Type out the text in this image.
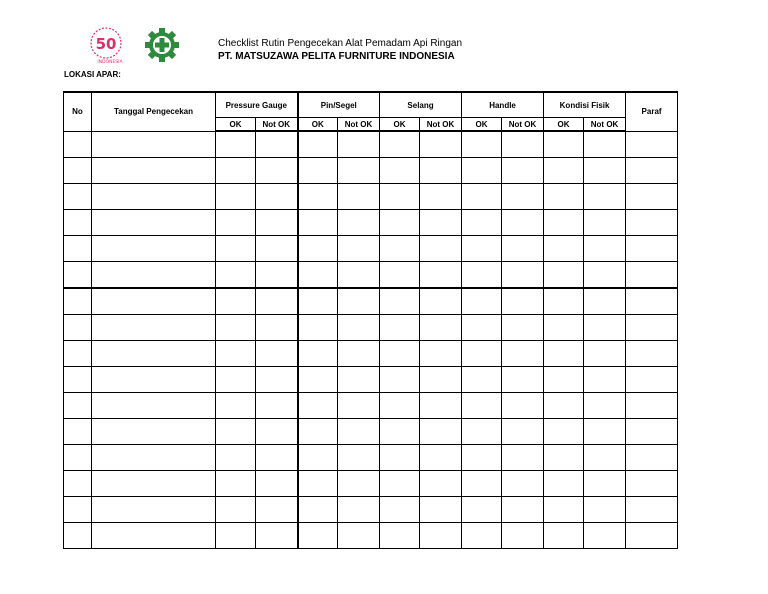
50
INDONESIA
Checklist Rutin Pengecekan Alat Pemadam Api Ringan
PT. MATSUZAWA PELITA FURNITURE INDONESIA
LOKASI APAR:
No	Tanggal Pengecekan	Pressure Gauge		Pin/Segel		Selang		Handle		Kondisi Fisik		Paraf
		OK	Not OK	OK	Not OK	OK	Not OK	OK	Not OK	OK	Not OK	
